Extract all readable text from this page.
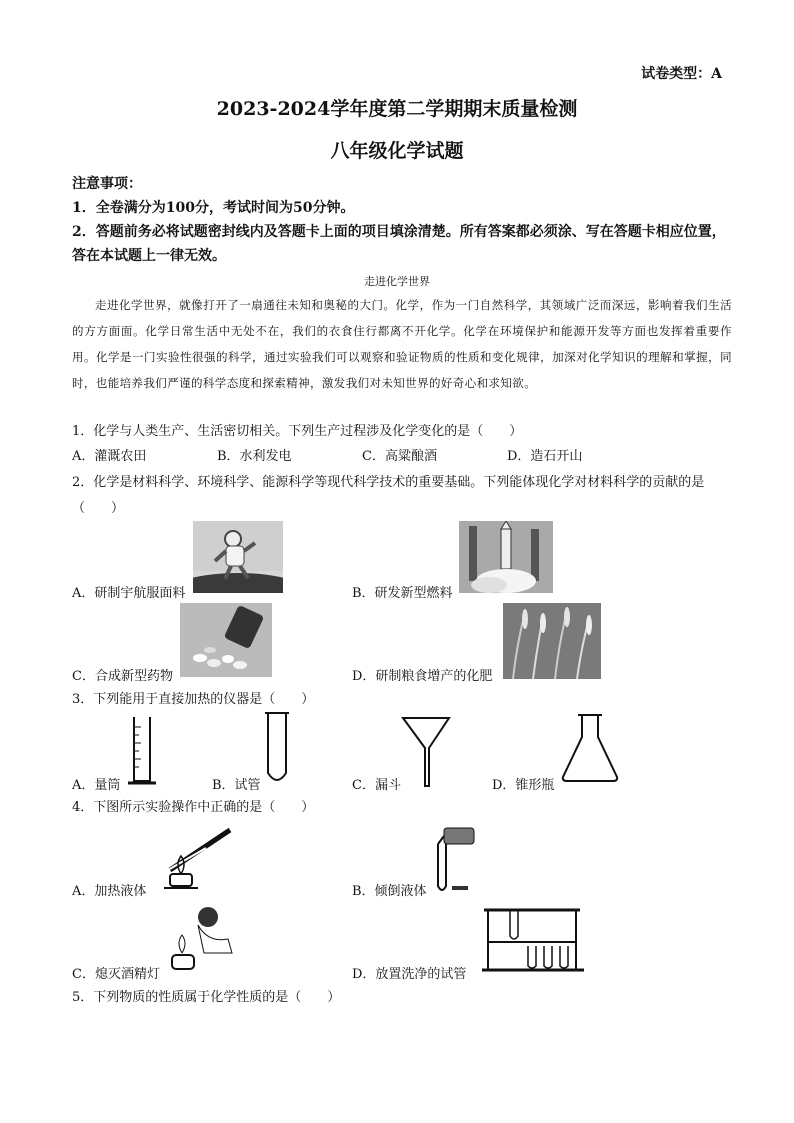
试卷类型：A
2023-2024学年度第二学期期末质量检测
八年级化学试题
注意事项：
1．全卷满分为100分，考试时间为50分钟。
2．答题前务必将试题密封线内及答题卡上面的项目填涂清楚。所有答案都必须涂、写在答题卡相应位置，答在本试题上一律无效。
走进化学世界
走进化学世界，就像打开了一扇通往未知和奥秘的大门。化学，作为一门自然科学，其领域广泛而深远，影响着我们生活的方方面面。化学日常生活中无处不在，我们的衣食住行都离不开化学。化学在环境保护和能源开发等方面也发挥着重要作用。化学是一门实验性很强的科学，通过实验我们可以观察和验证物质的性质和变化规律，加深对化学知识的理解和掌握，同时，也能培养我们严谨的科学态度和探索精神，激发我们对未知世界的好奇心和求知欲。
1．化学与人类生产、生活密切相关。下列生产过程涉及化学变化的是（　　）
A．灌溉农田	B．水利发电	C．高粱酿酒	D．造石开山
2．化学是材料科学、环境科学、能源科学等现代科学技术的重要基础。下列能体现化学对材料科学的贡献的是（　　）
A．研制宇航服面料	B．研发新型燃料
C．合成新型药物	D．研制粮食增产的化肥
3．下列能用于直接加热的仪器是（　　）
A．量筒	B．试管	C．漏斗	D．锥形瓶
4．下图所示实验操作中正确的是（　　）
A．加热液体	B．倾倒液体
C．熄灭酒精灯	D．放置洗净的试管
5．下列物质的性质属于化学性质的是（　　）
